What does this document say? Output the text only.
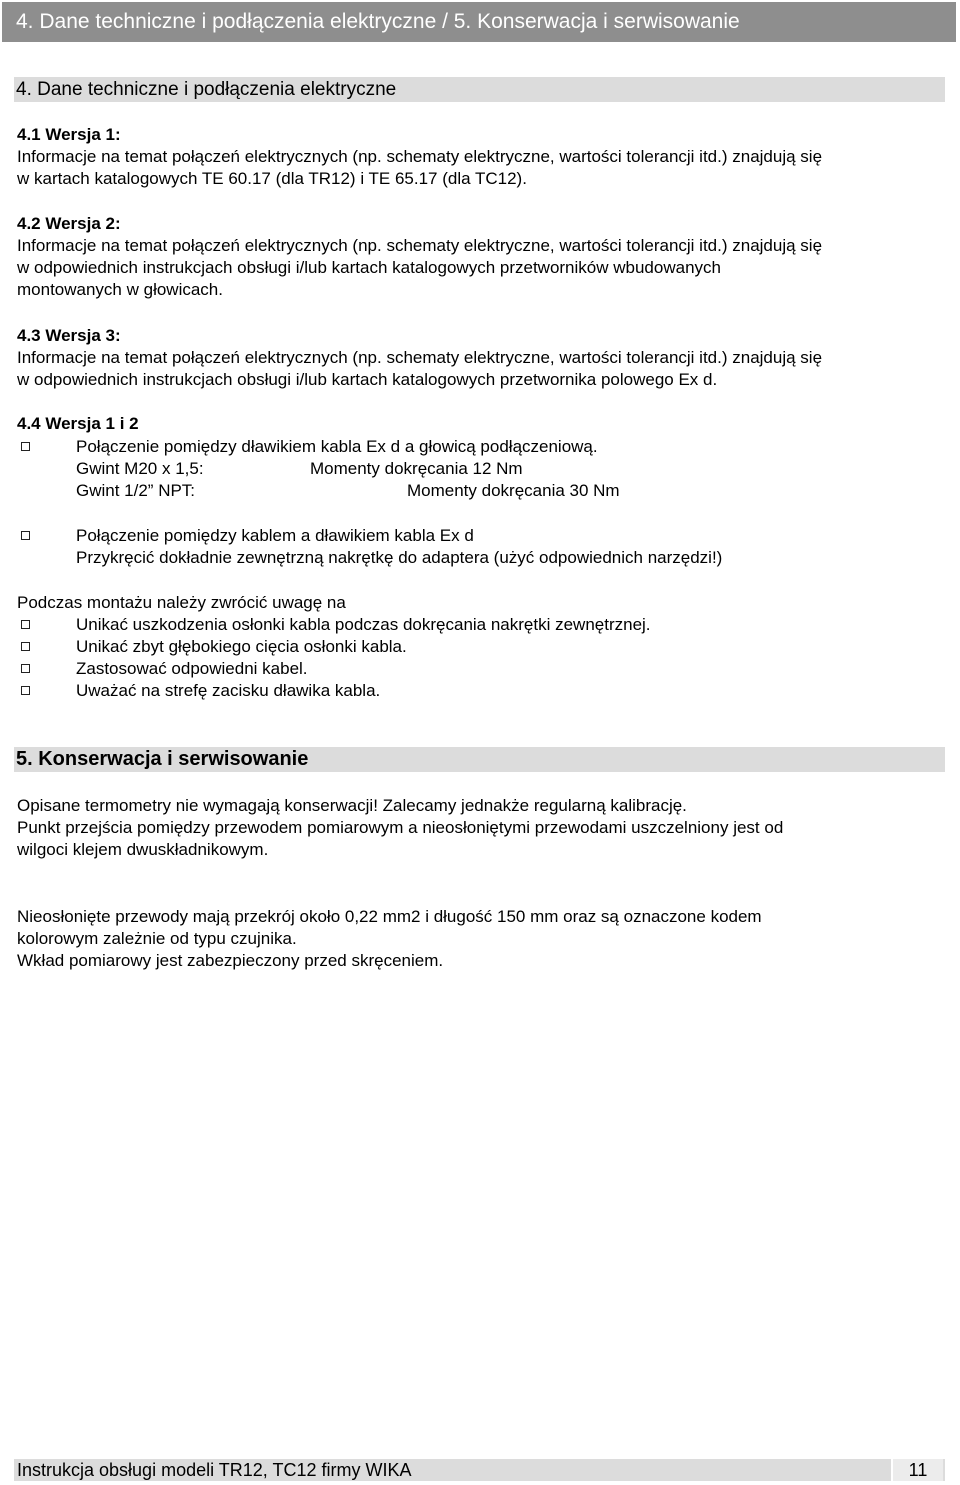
4. Dane techniczne i podłączenia elektryczne / 5. Konserwacja i serwisowanie
4. Dane techniczne i podłączenia elektryczne
4.1 Wersja 1:
Informacje na temat połączeń elektrycznych (np. schematy elektryczne, wartości tolerancji itd.) znajdują się
w kartach katalogowych TE 60.17 (dla TR12) i TE 65.17 (dla TC12).
4.2 Wersja 2:
Informacje na temat połączeń elektrycznych (np. schematy elektryczne, wartości tolerancji itd.) znajdują się
w odpowiednich instrukcjach obsługi i/lub kartach katalogowych przetworników wbudowanych
montowanych w głowicach.
4.3 Wersja 3:
Informacje na temat połączeń elektrycznych (np. schematy elektryczne, wartości tolerancji itd.) znajdują się
w odpowiednich instrukcjach obsługi i/lub kartach katalogowych przetwornika polowego Ex d.
4.4 Wersja 1 i 2
Połączenie pomiędzy dławikiem kabla Ex d a głowicą podłączeniową.
Gwint M20 x 1,5:	Momenty dokręcania 12 Nm
Gwint 1/2” NPT:	Momenty dokręcania 30 Nm
Połączenie pomiędzy kablem a dławikiem kabla Ex d
Przykręcić dokładnie zewnętrzną nakrętkę do adaptera (użyć odpowiednich narzędzi!)
Podczas montażu należy zwrócić uwagę na
Unikać uszkodzenia osłonki kabla podczas dokręcania nakrętki zewnętrznej.
Unikać zbyt głębokiego cięcia osłonki kabla.
Zastosować odpowiedni kabel.
Uważać na strefę zacisku dławika kabla.
5. Konserwacja i serwisowanie
Opisane termometry nie wymagają konserwacji! Zalecamy jednakże regularną kalibrację.
Punkt przejścia pomiędzy przewodem pomiarowym a nieosłoniętymi przewodami uszczelniony jest od
wilgoci klejem dwuskładnikowym.
Nieosłonięte przewody mają przekrój około 0,22 mm2 i długość 150 mm oraz są oznaczone kodem
kolorowym zależnie od typu czujnika.
Wkład pomiarowy jest zabezpieczony przed skręceniem.
Instrukcja obsługi modeli TR12, TC12 firmy WIKA	11
